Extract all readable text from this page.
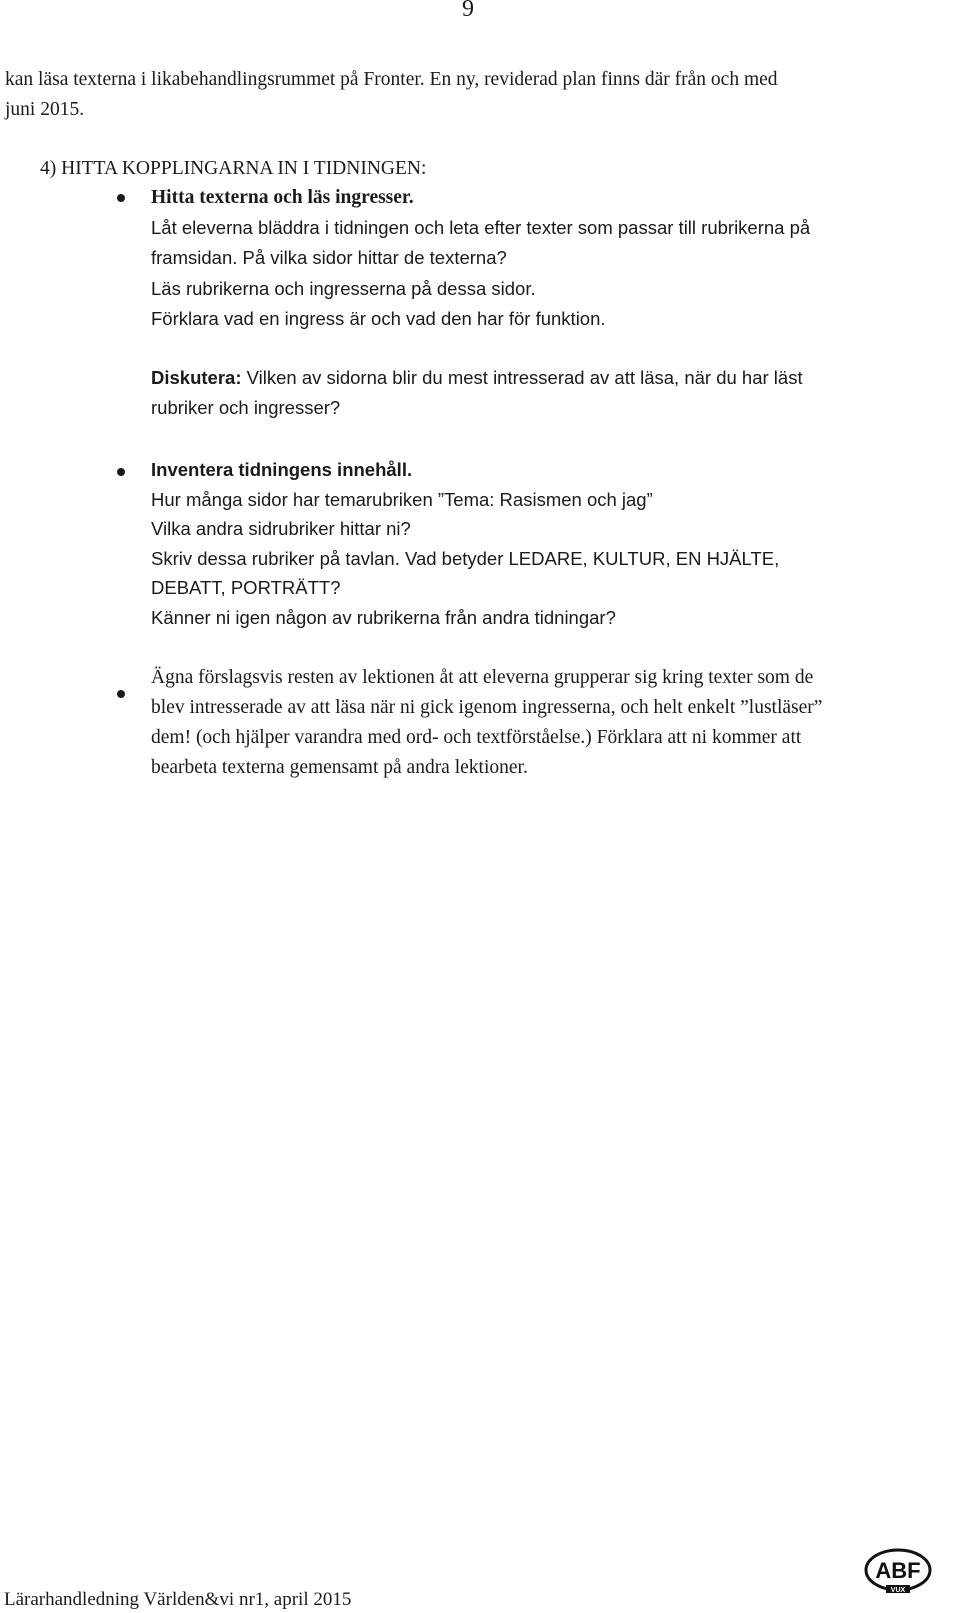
9
kan läsa texterna i likabehandlingsrummet på Fronter. En ny, reviderad plan finns där från och med
juni 2015.
4) HITTA KOPPLINGARNA IN I TIDNINGEN:
Hitta texterna och läs ingresser.
Låt eleverna bläddra i tidningen och leta efter texter som passar till rubrikerna på
framsidan. På vilka sidor hittar de texterna?
Läs rubrikerna och ingresserna på dessa sidor.
Förklara vad en ingress är och vad den har för funktion.
Diskutera: Vilken av sidorna blir du mest intresserad av att läsa, när du har läst
rubriker och ingresser?
Inventera tidningens innehåll.
Hur många sidor har temarubriken ”Tema: Rasismen och jag”
Vilka andra sidrubriker hittar ni?
Skriv dessa rubriker på tavlan. Vad betyder LEDARE, KULTUR, EN HJÄLTE,
DEBATT, PORTRÄTT?
Känner ni igen någon av rubrikerna från andra tidningar?
Ägna förslagsvis resten av lektionen åt att eleverna grupperar sig kring texter som de
blev intresserade av att läsa när ni gick igenom ingresserna, och helt enkelt ”lustläser”
dem! (och hjälper varandra med ord- och textförståelse.) Förklara att ni kommer att
bearbeta texterna gemensamt på andra lektioner.
Lärarhandledning Världen&vi nr1, april 2015
ABF
VUX
